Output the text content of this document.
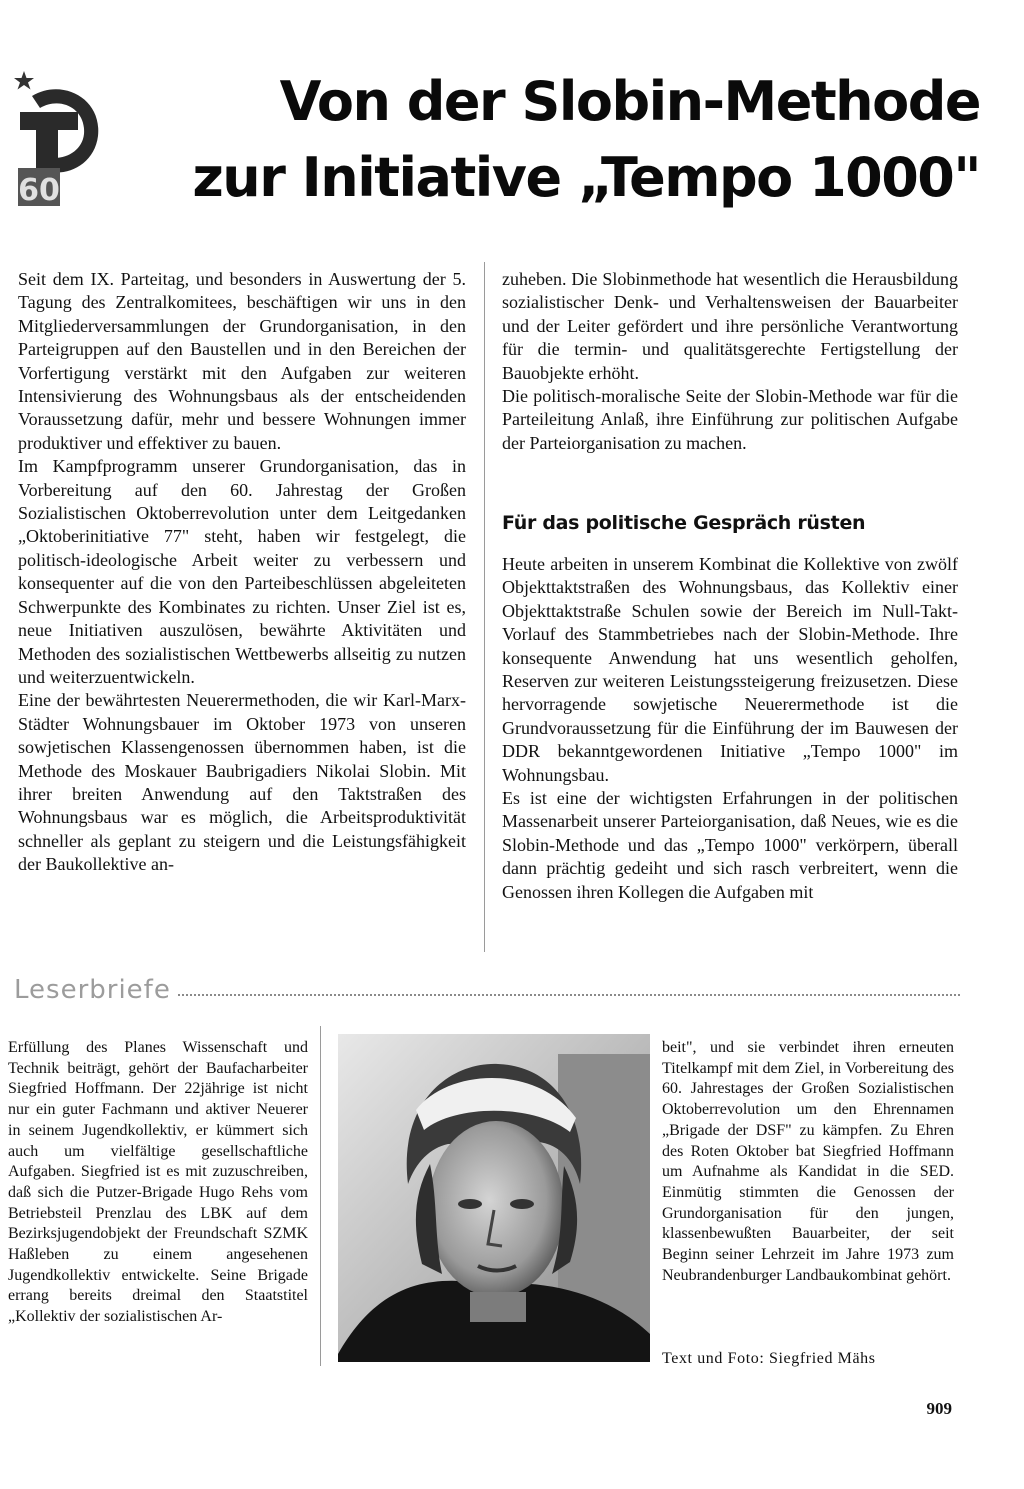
60
Von der Slobin-Methode
zur Initiative „Tempo 1000"

Seit dem IX. Parteitag, und besonders in Auswertung der 5. Tagung des Zentralkomitees, beschäftigen wir uns in den Mitgliederversammlungen der Grundorganisation, in den Parteigruppen auf den Baustellen und in den Bereichen der Vorfertigung verstärkt mit den Aufgaben zur weiteren Intensivierung des Wohnungsbaus als der entscheidenden Voraussetzung dafür, mehr und bessere Wohnungen immer produktiver und effektiver zu bauen.

Im Kampfprogramm unserer Grundorganisation, das in Vorbereitung auf den 60. Jahrestag der Großen Sozialistischen Oktoberrevolution unter dem Leitgedanken „Oktoberinitiative 77" steht, haben wir festgelegt, die politisch-ideologische Arbeit weiter zu verbessern und konsequenter auf die von den Parteibeschlüssen abgeleiteten Schwerpunkte des Kombinates zu richten. Unser Ziel ist es, neue Initiativen auszulösen, bewährte Aktivitäten und Methoden des sozialistischen Wettbewerbs allseitig zu nutzen und weiterzuentwickeln.

Eine der bewährtesten Neuerermethoden, die wir Karl-Marx-Städter Wohnungsbauer im Oktober 1973 von unseren sowjetischen Klassengenossen übernommen haben, ist die Methode des Moskauer Baubrigadiers Nikolai Slobin. Mit ihrer breiten Anwendung auf den Taktstraßen des Wohnungsbaus war es möglich, die Arbeitsproduktivität schneller als geplant zu steigern und die Leistungsfähigkeit der Baukollektive an-

zuheben. Die Slobinmethode hat wesentlich die Herausbildung sozialistischer Denk- und Verhaltensweisen der Bauarbeiter und der Leiter gefördert und ihre persönliche Verantwortung für die termin- und qualitätsgerechte Fertigstellung der Bauobjekte erhöht.

Die politisch-moralische Seite der Slobin-Methode war für die Parteileitung Anlaß, ihre Einführung zur politischen Aufgabe der Parteiorganisation zu machen.

Für das politische Gespräch rüsten

Heute arbeiten in unserem Kombinat die Kollektive von zwölf Objekttaktstraßen des Wohnungsbaus, das Kollektiv einer Objekttaktstraße Schulen sowie der Bereich im Null-Takt-Vorlauf des Stammbetriebes nach der Slobin-Methode. Ihre konsequente Anwendung hat uns wesentlich geholfen, Reserven zur weiteren Leistungssteigerung freizusetzen. Diese hervorragende sowjetische Neuerermethode ist die Grundvoraussetzung für die Einführung der im Bauwesen der DDR bekanntgewordenen Initiative „Tempo 1000" im Wohnungsbau.

Es ist eine der wichtigsten Erfahrungen in der politischen Massenarbeit unserer Parteiorganisation, daß Neues, wie es die Slobin-Methode und das „Tempo 1000" verkörpern, überall dann prächtig gedeiht und sich rasch verbreitert, wenn die Genossen ihren Kollegen die Aufgaben mit

Leserbriefe

Erfüllung des Planes Wissenschaft und Technik beiträgt, gehört der Baufacharbeiter Siegfried Hoffmann. Der 22jährige ist nicht nur ein guter Fachmann und aktiver Neuerer in seinem Jugendkollektiv, er kümmert sich auch um vielfältige gesellschaftliche Aufgaben. Siegfried ist es mit zuzuschreiben, daß sich die Putzer-Brigade Hugo Rehs vom Betriebsteil Prenzlau des LBK auf dem Bezirksjugendobjekt der Freundschaft SZMK Haßleben zu einem angesehenen Jugendkollektiv entwickelte. Seine Brigade errang bereits dreimal den Staatstitel „Kollektiv der sozialistischen Ar-

beit", und sie verbindet ihren erneuten Titelkampf mit dem Ziel, in Vorbereitung des 60. Jahrestages der Großen Sozialistischen Oktoberrevolution um den Ehrennamen „Brigade der DSF" zu kämpfen. Zu Ehren des Roten Oktober bat Siegfried Hoffmann um Aufnahme als Kandidat in die SED. Einmütig stimmten die Genossen der Grundorganisation für den jungen, klassenbewußten Bauarbeiter, der seit Beginn seiner Lehrzeit im Jahre 1973 zum Neubrandenburger Landbaukombinat gehört.

Text und Foto: Siegfried Mähs
909
